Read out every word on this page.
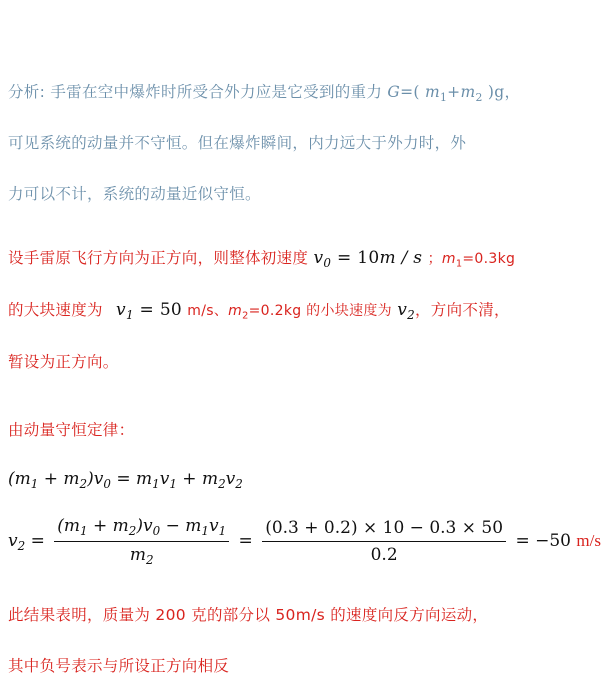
分析: 手雷在空中爆炸时所受合外力应是它受到的重力 G=( $m_1+m_2$ )g，
可见系统的动量并不守恒。但在爆炸瞬间，内力远大于外力时，外
力可以不计，系统的动量近似守恒。
设手雷原飞行方向为正方向，则整体初速度 $v_0 = 10m / s$ ；$m_1=0.3kg$
的大块速度为 $v_1 = 50$ m/s、$m_2=0.2kg$ 的小块速度为 $v_2$，方向不清，
暂设为正方向。
由动量守恒定律：
$(m_1 + m_2)v_0 = m_1v_1 + m_2v_2$
$v_2 = \frac{(m_1 + m_2)v_0 - m_1v_1}{m_2} = \frac{(0.3 + 0.2) \times 10 - 0.3 \times 50}{0.2} = -50$ m/s
此结果表明，质量为 200 克的部分以 50m/s 的速度向反方向运动，
其中负号表示与所设正方向相反
